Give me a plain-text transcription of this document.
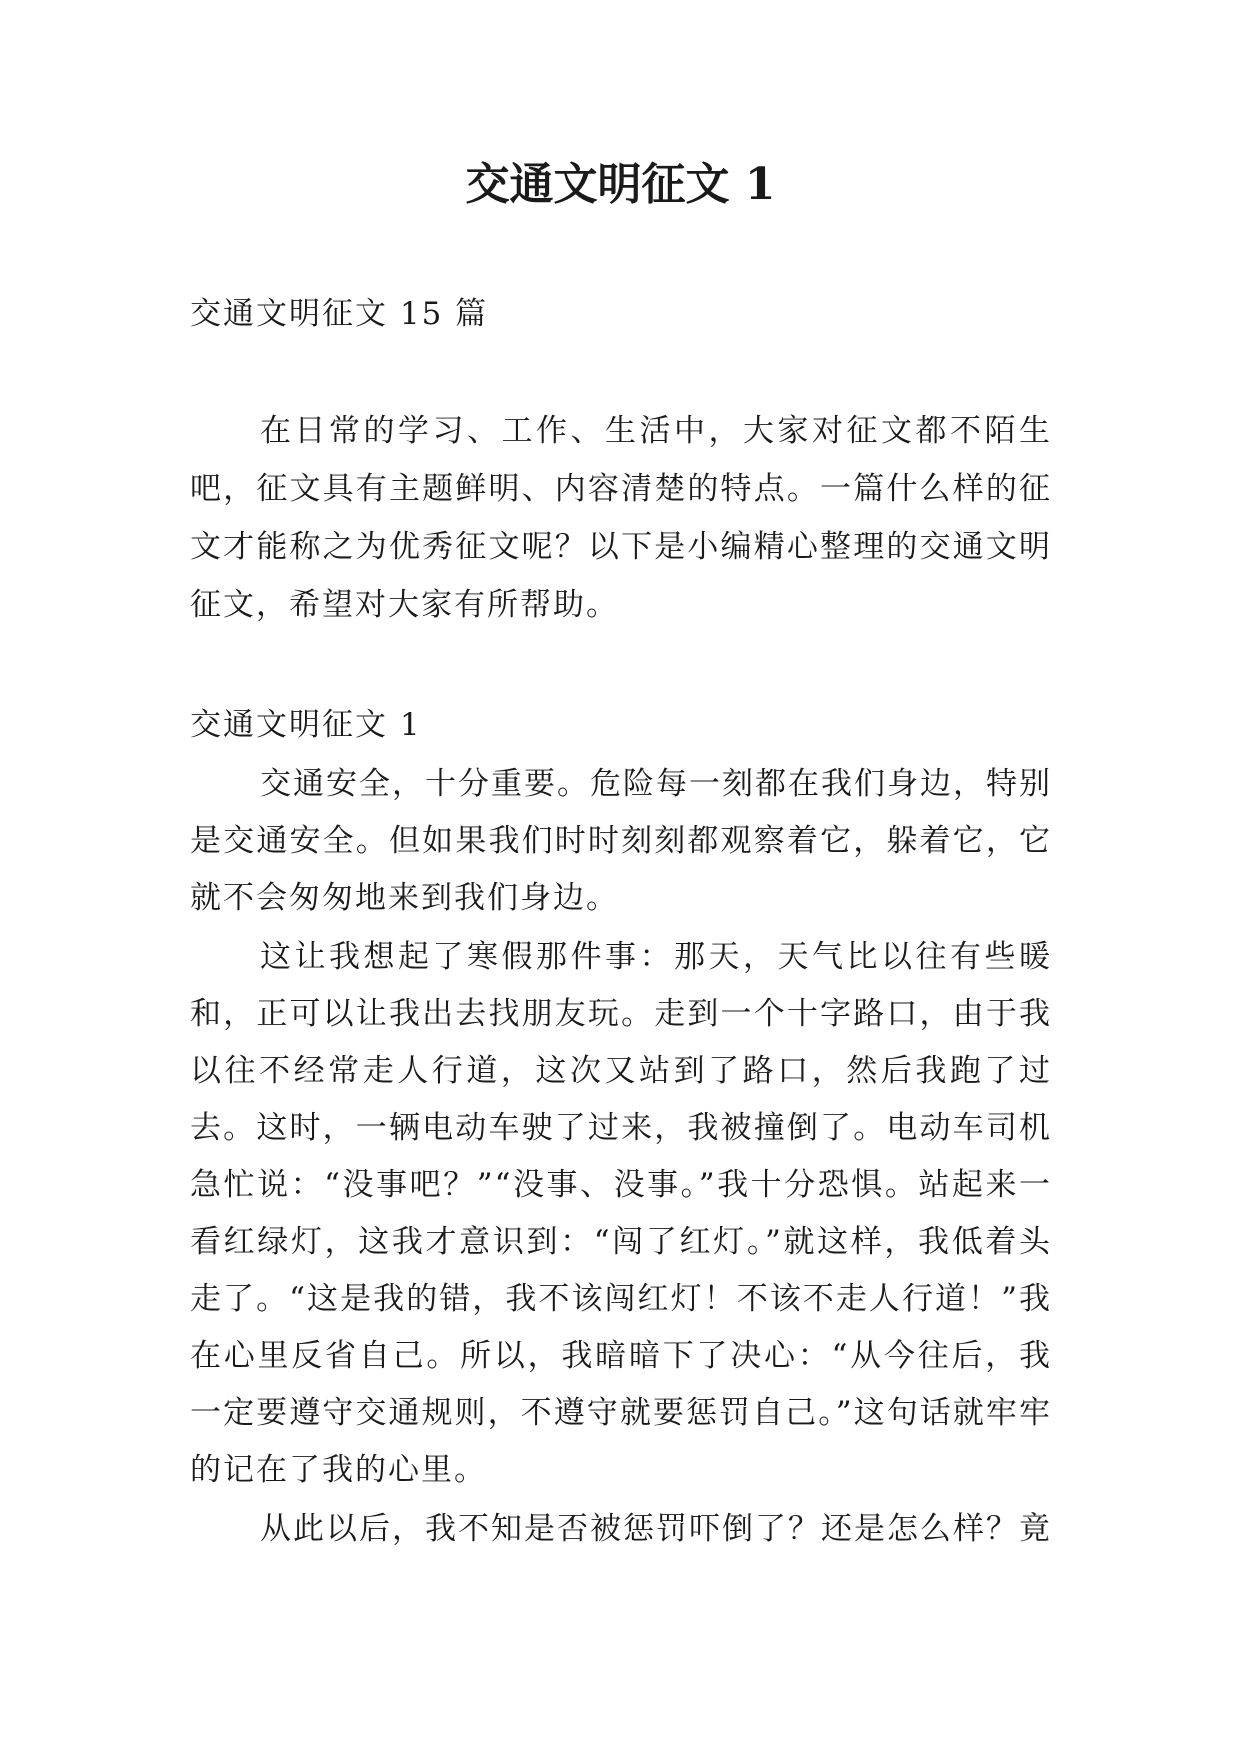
交通文明征文 1

交通文明征文 15 篇

在日常的学习、工作、生活中，大家对征文都不陌生吧，征文具有主题鲜明、内容清楚的特点。一篇什么样的征文才能称之为优秀征文呢？以下是小编精心整理的交通文明征文，希望对大家有所帮助。

交通文明征文 1

交通安全，十分重要。危险每一刻都在我们身边，特别是交通安全。但如果我们时时刻刻都观察着它，躲着它，它就不会匆匆地来到我们身边。

这让我想起了寒假那件事：那天，天气比以往有些暖和，正可以让我出去找朋友玩。走到一个十字路口，由于我以往不经常走人行道，这次又站到了路口，然后我跑了过去。这时，一辆电动车驶了过来，我被撞倒了。电动车司机急忙说：“没事吧？”“没事、没事。”我十分恐惧。站起来一看红绿灯，这我才意识到：“闯了红灯。”就这样，我低着头走了。“这是我的错，我不该闯红灯！不该不走人行道！”我在心里反省自己。所以，我暗暗下了决心：“从今往后，我一定要遵守交通规则，不遵守就要惩罚自己。”这句话就牢牢的记在了我的心里。

从此以后，我不知是否被惩罚吓倒了？还是怎么样？竟
